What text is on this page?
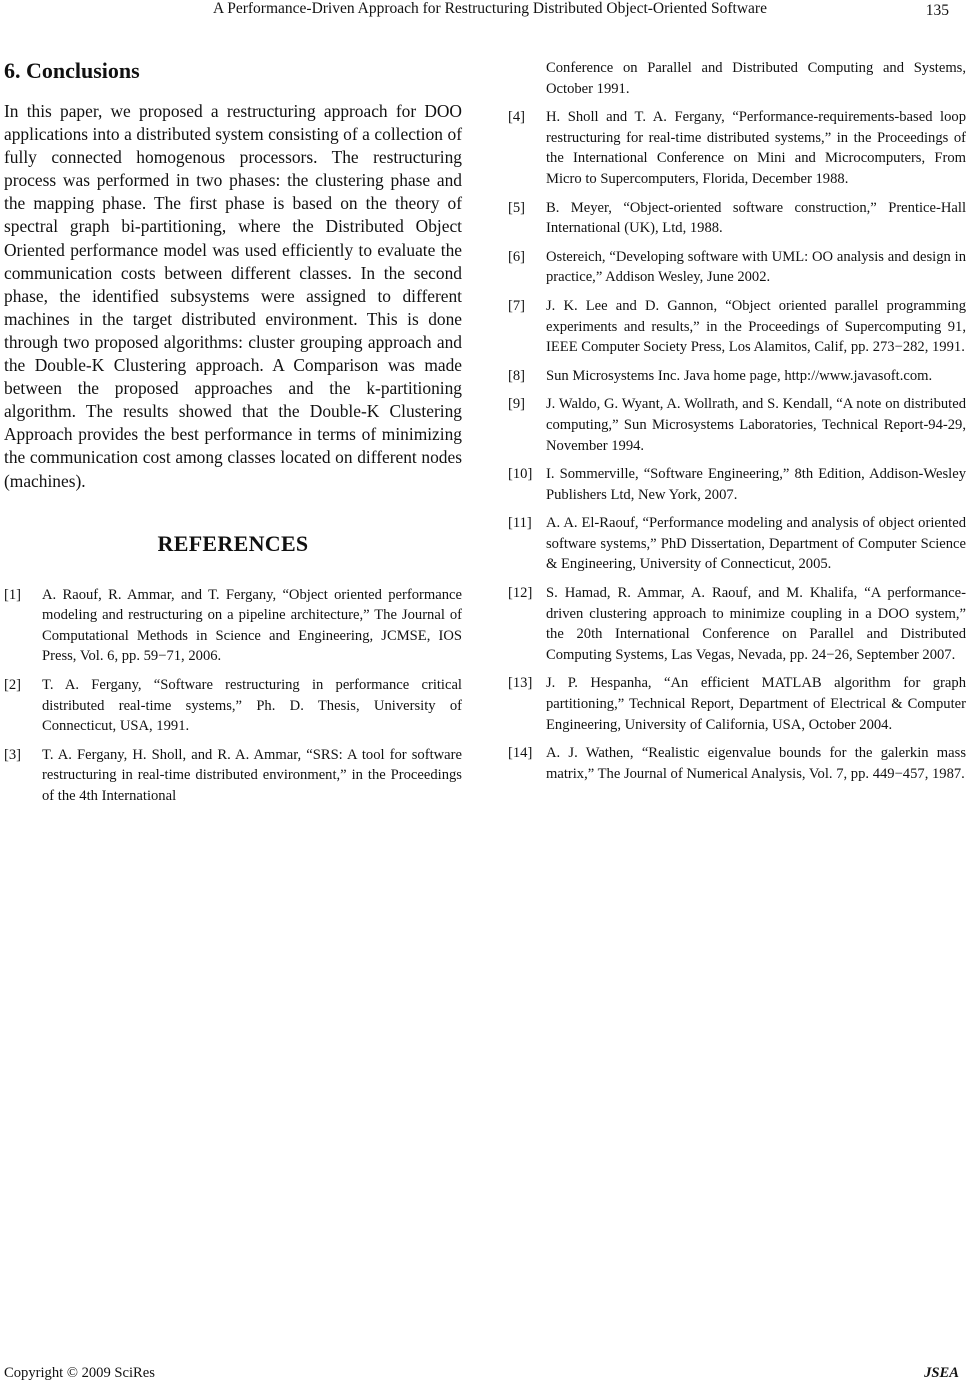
A Performance-Driven Approach for Restructuring Distributed Object-Oriented Software	135
6. Conclusions

In this paper, we proposed a restructuring approach for DOO applications into a distributed system consisting of a collection of fully connected homogenous processors. The restructuring process was performed in two phases: the clustering phase and the mapping phase. The first phase is based on the theory of spectral graph bi-partitioning, where the Distributed Object Oriented performance model was used efficiently to evaluate the communication costs between different classes. In the second phase, the identified subsystems were assigned to different machines in the target distributed environment. This is done through two proposed algorithms: cluster grouping approach and the Double-K Clustering approach. A Comparison was made between the proposed approaches and the k-partitioning algorithm. The results showed that the Double-K Clustering Approach provides the best performance in terms of minimizing the communication cost among classes located on different nodes (machines).

REFERENCES
[1]	A. Raouf, R. Ammar, and T. Fergany, “Object oriented performance modeling and restructuring on a pipeline architecture,” The Journal of Computational Methods in Science and Engineering, JCMSE, IOS Press, Vol. 6, pp. 59−71, 2006.
[2]	T. A. Fergany, “Software restructuring in performance critical distributed real-time systems,” Ph. D. Thesis, University of Connecticut, USA, 1991.
[3]	T. A. Fergany, H. Sholl, and R. A. Ammar, “SRS: A tool for software restructuring in real-time distributed environment,” in the Proceedings of the 4th International
Conference on Parallel and Distributed Computing and Systems, October 1991.
[4]	H. Sholl and T. A. Fergany, “Performance-requirements-based loop restructuring for real-time distributed systems,” in the Proceedings of the International Conference on Mini and Microcomputers, From Micro to Supercomputers, Florida, December 1988.
[5]	B. Meyer, “Object-oriented software construction,” Prentice-Hall International (UK), Ltd, 1988.
[6]	Ostereich, “Developing software with UML: OO analysis and design in practice,” Addison Wesley, June 2002.
[7]	J. K. Lee and D. Gannon, “Object oriented parallel programming experiments and results,” in the Proceedings of Supercomputing 91, IEEE Computer Society Press, Los Alamitos, Calif, pp. 273−282, 1991.
[8]	Sun Microsystems Inc. Java home page, http://www.javasoft.com.
[9]	J. Waldo, G. Wyant, A. Wollrath, and S. Kendall, “A note on distributed computing,” Sun Microsystems Laboratories, Technical Report-94-29, November 1994.
[10] I. Sommerville, “Software Engineering,” 8th Edition, Addison-Wesley Publishers Ltd, New York, 2007.
[11] A. A. El-Raouf, “Performance modeling and analysis of object oriented software systems,” PhD Dissertation, Department of Computer Science & Engineering, University of Connecticut, 2005.
[12] S. Hamad, R. Ammar, A. Raouf, and M. Khalifa, “A performance-driven clustering approach to minimize coupling in a DOO system,” the 20th International Conference on Parallel and Distributed Computing Systems, Las Vegas, Nevada, pp. 24−26, September 2007.
[13] J. P. Hespanha, “An efficient MATLAB algorithm for graph partitioning,” Technical Report, Department of Electrical & Computer Engineering, University of California, USA, October 2004.
[14] A. J. Wathen, “Realistic eigenvalue bounds for the galerkin mass matrix,” The Journal of Numerical Analysis, Vol. 7, pp. 449−457, 1987.
Copyright © 2009 SciRes	JSEA
